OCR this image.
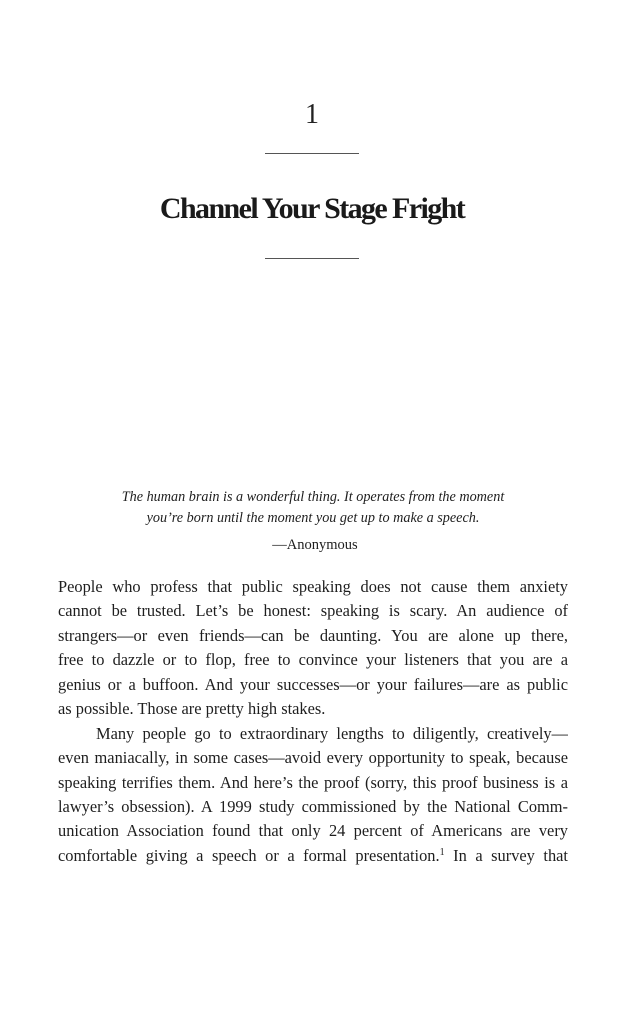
1
Channel Your Stage Fright
The human brain is a wonderful thing. It operates from the moment
you’re born until the moment you get up to make a speech.
—Anonymous
People who profess that public speaking does not cause them anxiety
cannot be trusted. Let’s be honest: speaking is scary. An audience of
strangers—or even friends—can be daunting. You are alone up there,
free to dazzle or to flop, free to convince your listeners that you are a
genius or a buffoon. And your successes—or your failures—are as public
as possible. Those are pretty high stakes.
Many people go to extraordinary lengths to diligently, creatively—
even maniacally, in some cases—avoid every opportunity to speak, because
speaking terrifies them. And here’s the proof (sorry, this proof business is a
lawyer’s obsession). A 1999 study commissioned by the National Comm-
unication Association found that only 24 percent of Americans are very
comfortable giving a speech or a formal presentation.$^1$ In a survey that
